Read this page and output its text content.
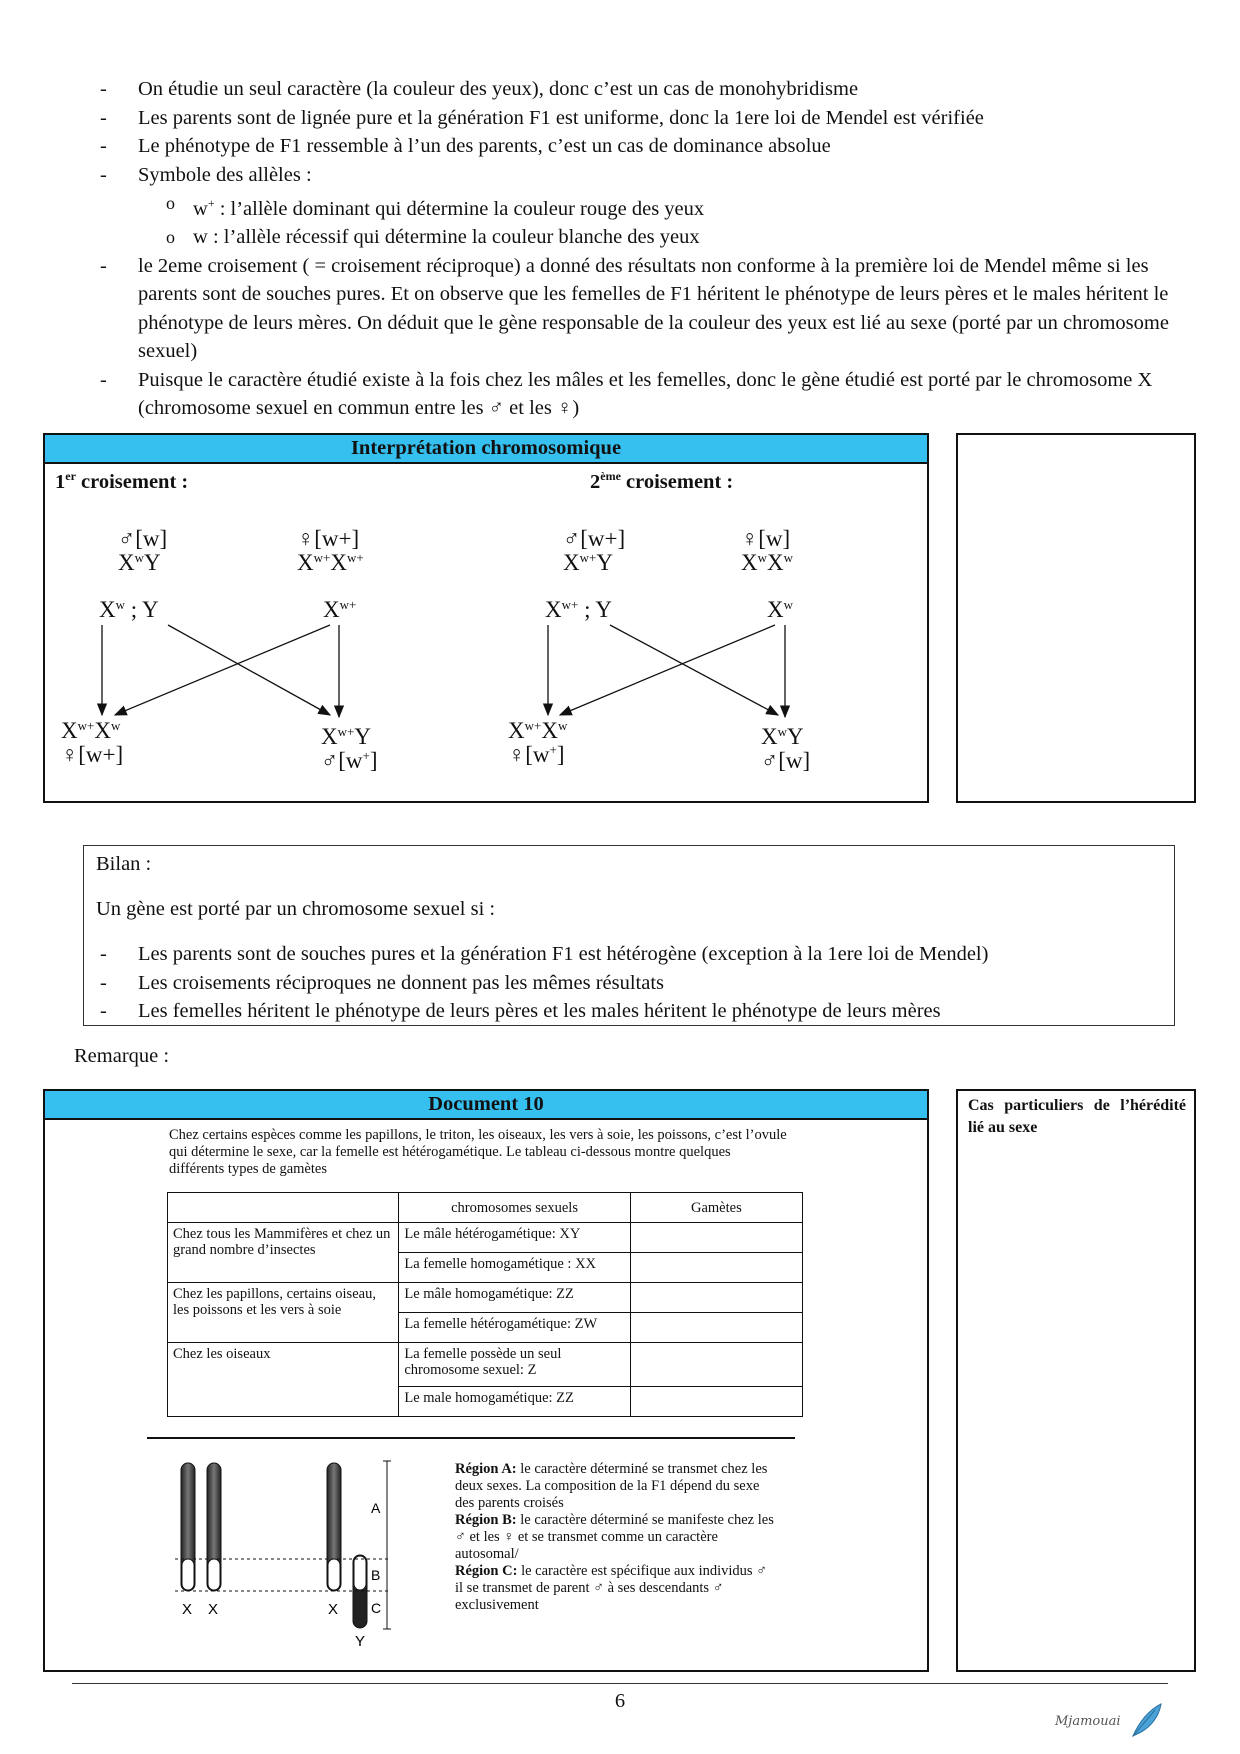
- On étudie un seul caractère (la couleur des yeux), donc c’est un cas de monohybridisme
- Les parents sont de lignée pure et la génération F1 est uniforme, donc la 1ere loi de Mendel est vérifiée
- Le phénotype de F1 ressemble à l’un des parents, c’est un cas de dominance absolue
- Symbole des allèles :
o w+ : l’allèle dominant qui détermine la couleur rouge des yeux
o w : l’allèle récessif qui détermine la couleur blanche des yeux
- le 2eme croisement ( = croisement réciproque) a donné des résultats non conforme à la première loi de Mendel même si les parents sont de souches pures. Et on observe que les femelles de F1 héritent le phénotype de leurs pères et le males héritent le phénotype de leurs mères. On déduit que le gène responsable de la couleur des yeux est lié au sexe (porté par un chromosome sexuel)
- Puisque le caractère étudié existe à la fois chez les mâles et les femelles, donc le gène étudié est porté par le chromosome X (chromosome sexuel en commun entre les ♂ et les ♀)
Interprétation chromosomique
1er croisement :	2ème croisement :
♂[w]
$X^wY$
♀[w+]
$X^{w+}X^{w+}$
$X^w$ ; Y	$X^{w+}$
$X^{w+}X^w$
♀[w+]
$X^{w+}Y$
♂[w+]
♂[w+]
$X^{w+}Y$
♀[w]
$X^wX^w$
$X^{w+}$ ; Y	$X^w$
$X^{w+}X^w$
♀[w+]
$X^wY$
♂[w]
Bilan :
Un gène est porté par un chromosome sexuel si :
- Les parents sont de souches pures et la génération F1 est hétérogène (exception à la 1ere loi de Mendel)
- Les croisements réciproques ne donnent pas les mêmes résultats
- Les femelles héritent le phénotype de leurs pères et les males héritent le phénotype de leurs mères
Remarque :
Document 10
Chez certains espèces comme les papillons, le triton, les oiseaux, les vers à soie, les poissons, c’est l’ovule qui détermine le sexe, car la femelle est hétérogamétique. Le tableau ci-dessous montre quelques différents types de gamètes
	chromosomes sexuels	Gamètes
Chez tous les Mammifères et chez un grand nombre d’insectes	Le mâle hétérogamétique: XY	
	La femelle homogamétique : XX	
Chez les papillons, certains oiseau, les poissons et les vers à soie	Le mâle homogamétique: ZZ	
	La femelle hétérogamétique: ZW	
Chez les oiseaux	La femelle possède un seul chromosome sexuel: Z	
	Le male homogamétique: ZZ	
A
B
C
X X	X
Y
Région A: le caractère déterminé se transmet chez les deux sexes. La composition de la F1 dépend du sexe des parents croisés
Région B: le caractère déterminé se manifeste chez les ♂ et les ♀ et se transmet comme un caractère autosomal/
Région C: le caractère est spécifique aux individus ♂ il se transmet de parent ♂ à ses descendants ♂ exclusivement
Cas particuliers de l’hérédité lié au sexe
6
Mjamouai
